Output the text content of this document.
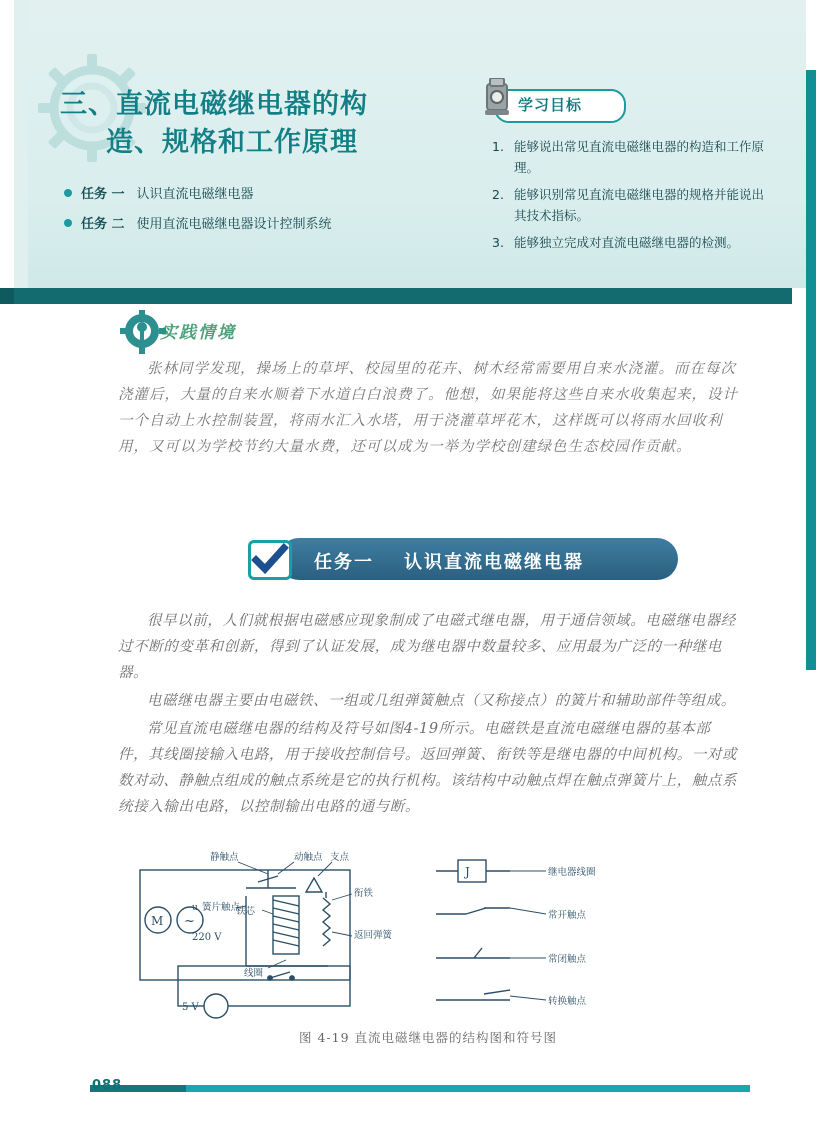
三、直流电磁继电器的构
造、规格和工作原理
任务 一 认识直流电磁继电器
任务 二 使用直流电磁继电器设计控制系统
学习目标
1. 能够说出常见直流电磁继电器的构造和工作原理。
2. 能够识别常见直流电磁继电器的规格并能说出其技术指标。
3. 能够独立完成对直流电磁继电器的检测。
实践情境
张林同学发现，操场上的草坪、校园里的花卉、树木经常需要用自来水浇灌。而在每次浇灌后，大量的自来水顺着下水道白白浪费了。他想，如果能将这些自来水收集起来，设计一个自动上水控制装置，将雨水汇入水塔，用于浇灌草坪花木，这样既可以将雨水回收利用，又可以为学校节约大量水费，还可以成为一举为学校创建绿色生态校园作贡献。
任务一 认识直流电磁继电器

很早以前，人们就根据电磁感应现象制成了电磁式继电器，用于通信领域。电磁继电器经过不断的变革和创新，得到了认证发展，成为继电器中数量较多、应用最为广泛的一种继电器。

电磁继电器主要由电磁铁、一组或几组弹簧触点（又称接点）的簧片和辅助部件等组成。

常见直流电磁继电器的结构及符号如图4-19所示。电磁铁是直流电磁继电器的基本部件，其线圈接输入电路，用于接收控制信号。返回弹簧、衔铁等是继电器的中间机构。一对或数对动、静触点组成的触点系统是它的执行机构。该结构中动触点焊在触点弹簧片上，触点系统接入输出电路，以控制输出电路的通与断。

M ~
220 V
u
5 V
静触点	动触点 支点
簧片触点
铁芯
衔铁
返回弹簧
线圈
J	继电器线圈
常开触点
常闭触点
转换触点
图 4-19 直流电磁继电器的结构图和符号图
088
